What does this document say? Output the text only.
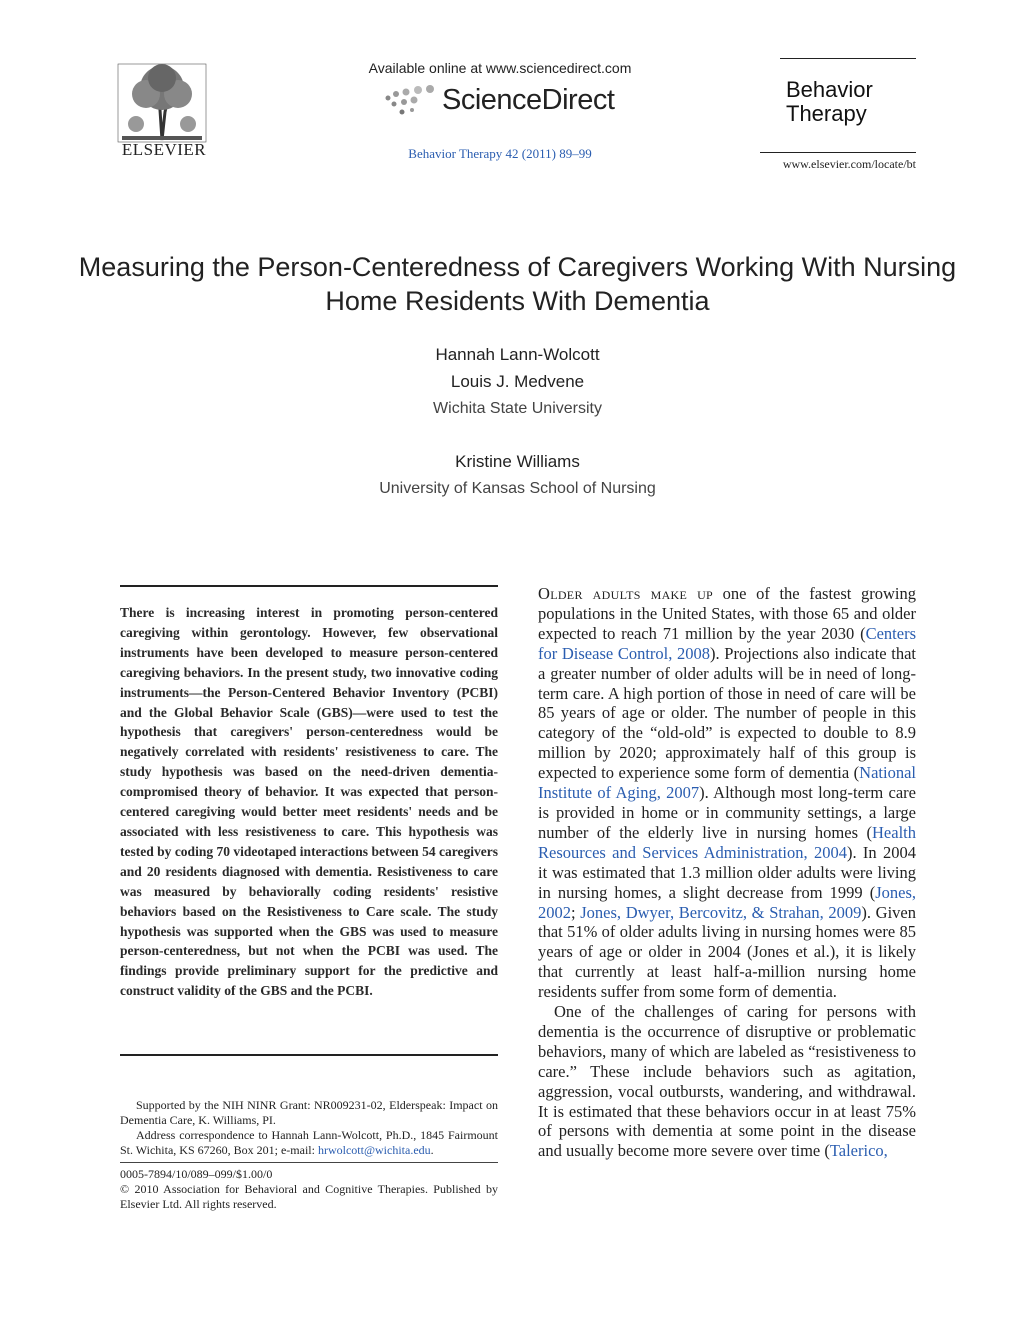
ELSEVIER
Available online at www.sciencedirect.com
ScienceDirect
Behavior Therapy 42 (2011) 89–99
Behavior
Therapy
www.elsevier.com/locate/bt
Measuring the Person-Centeredness of Caregivers Working With Nursing Home Residents With Dementia
Hannah Lann-Wolcott
Louis J. Medvene
Wichita State University
Kristine Williams
University of Kansas School of Nursing
There is increasing interest in promoting person-centered caregiving within gerontology. However, few observational instruments have been developed to measure person-centered caregiving behaviors. In the present study, two innovative coding instruments—the Person-Centered Behavior Inventory (PCBI) and the Global Behavior Scale (GBS)—were used to test the hypothesis that caregivers' person-centeredness would be negatively correlated with residents' resistiveness to care. The study hypothesis was based on the need-driven dementia-compromised theory of behavior. It was expected that person-centered caregiving would better meet residents' needs and be associated with less resistiveness to care. This hypothesis was tested by coding 70 videotaped interactions between 54 caregivers and 20 residents diagnosed with dementia. Resistiveness to care was measured by behaviorally coding residents' resistive behaviors based on the Resistiveness to Care scale. The study hypothesis was supported when the GBS was used to measure person-centeredness, but not when the PCBI was used. The findings provide preliminary support for the predictive and construct validity of the GBS and the PCBI.

Supported by the NIH NINR Grant: NR009231-02, Elderspeak: Impact on Dementia Care, K. Williams, PI.

Address correspondence to Hannah Lann-Wolcott, Ph.D., 1845 Fairmount St. Wichita, KS 67260, Box 201; e-mail: hrwolcott@wichita.edu.

0005-7894/10/089–099/$1.00/0

© 2010 Association for Behavioral and Cognitive Therapies. Published by Elsevier Ltd. All rights reserved.

Older adults make up one of the fastest growing populations in the United States, with those 65 and older expected to reach 71 million by the year 2030 (Centers for Disease Control, 2008). Projections also indicate that a greater number of older adults will be in need of long-term care. A high portion of those in need of care will be 85 years of age or older. The number of people in this category of the “old-old” is expected to double to 8.9 million by 2020; approximately half of this group is expected to experience some form of dementia (National Institute of Aging, 2007). Although most long-term care is provided in home or in community settings, a large number of the elderly live in nursing homes (Health Resources and Services Administration, 2004). In 2004 it was estimated that 1.3 million older adults were living in nursing homes, a slight decrease from 1999 (Jones, 2002; Jones, Dwyer, Bercovitz, & Strahan, 2009). Given that 51% of older adults living in nursing homes were 85 years of age or older in 2004 (Jones et al.), it is likely that currently at least half-a-million nursing home residents suffer from some form of dementia.

One of the challenges of caring for persons with dementia is the occurrence of disruptive or problematic behaviors, many of which are labeled as “resistiveness to care.” These include behaviors such as agitation, aggression, vocal outbursts, wandering, and withdrawal. It is estimated that these behaviors occur in at least 75% of persons with dementia at some point in the disease and usually become more severe over time (Talerico,
